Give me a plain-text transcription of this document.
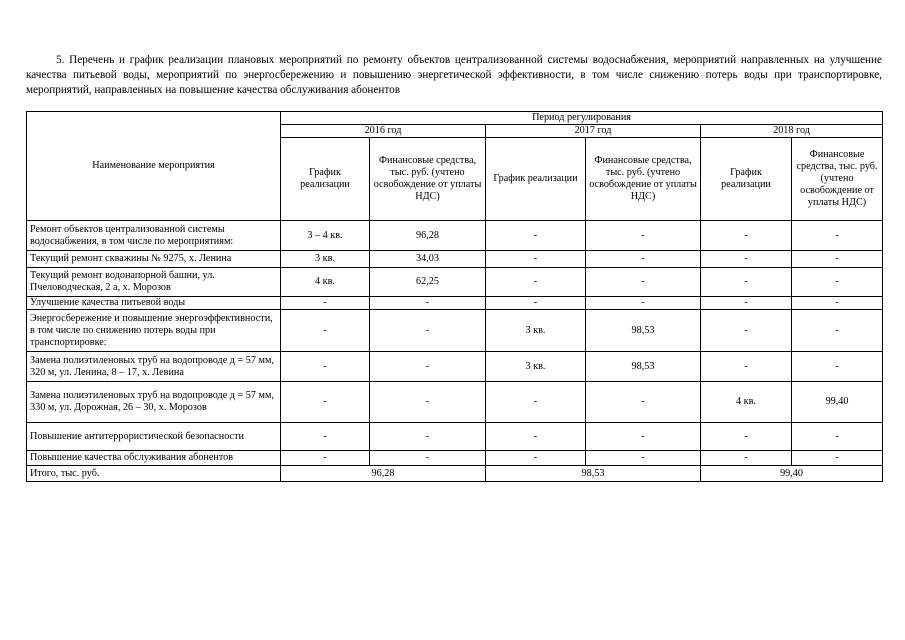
5. Перечень и график реализации плановых мероприятий по ремонту объектов централизованной системы водоснабжения, мероприятий направленных на улучшение качества питьевой воды, мероприятий по энергосбережению и повышению энергетической эффективности, в том числе снижению потерь воды при транспортировке, мероприятий, направленных на повышение качества обслуживания абонентов
Наименование мероприятия	Период регулирования					
	2016 год		2017 год		2018 год	
	График реализации	Финансовые средства, тыс. руб. (учтено освобождение от уплаты НДС)	График реализации	Финансовые средства, тыс. руб. (учтено освобождение от уплаты НДС)	График реализации	Финансовые средства, тыс. руб. (учтено освобождение от уплаты НДС)
Ремонт объектов централизованной системы водоснабжения, в том числе по мероприятиям:	3 – 4 кв.	96,28	-	-	-	-
Текущий ремонт скважины № 9275, х. Ленина	3 кв.	34,03	-	-	-	-
Текущий ремонт водонапорной башни, ул. Пчеловодческая, 2 а, х. Морозов	4 кв.	62,25	-	-	-	-
Улучшение качества питьевой воды	-	-	-	-	-	-
Энергосбережение и повышение энергоэффективности, в том числе по снижению потерь воды при транспортировке:	-	-	3 кв.	98,53	-	-
Замена полиэтиленовых труб на водопроводе д = 57 мм, 320 м, ул. Ленина, 8 – 17, х. Левина	-	-	3 кв.	98,53	-	-
Замена полиэтиленовых труб на водопроводе д = 57 мм, 330 м, ул. Дорожная, 26 – 30, х. Морозов	-	-	-	-	4 кв.	99,40
Повышение антитеррористической безопасности	-	-	-	-	-	-
Повышение качества обслуживания абонентов	-	-	-	-	-	-
Итого, тыс. руб.	96,28		98,53		99,40	
